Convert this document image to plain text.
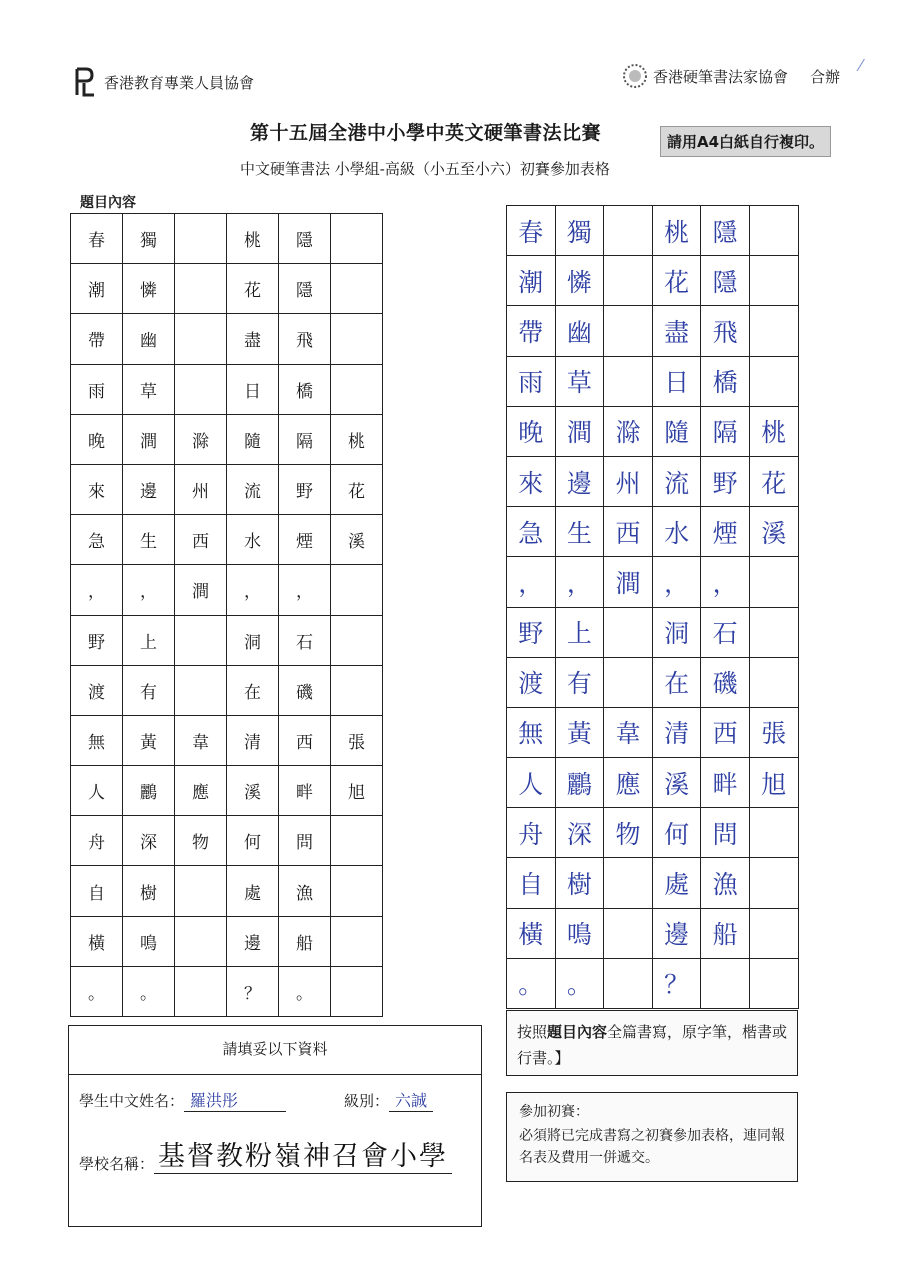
香港教育專業人員協會	香港硬筆書法家協會 合辦
⁄
第十五屆全港中小學中英文硬筆書法比賽	請用A4白紙自行複印。
中文硬筆書法 小學組-高級（小五至小六）初賽參加表格
題目內容
春	獨		桃	隱	
潮	憐		花	隱	
帶	幽		盡	飛	
雨	草		日	橋	
晚	澗	滁	隨	隔	桃
來	邊	州	流	野	花
急	生	西	水	煙	溪
，	，	澗	，	，	
野	上		洞	石	
渡	有		在	磯	
無	黃	韋	清	西	張
人	鸝	應	溪	畔	旭
舟	深	物	何	問	
自	樹		處	漁	
橫	鳴		邊	船	
。	。		？	。	
春	獨		桃	隱	
潮	憐		花	隱	
帶	幽		盡	飛	
雨	草		日	橋	
晚	澗	滁	隨	隔	桃
來	邊	州	流	野	花
急	生	西	水	煙	溪
，	，	澗	，	，	
野	上		洞	石	
渡	有		在	磯	
無	黃	韋	清	西	張
人	鸝	應	溪	畔	旭
舟	深	物	何	問	
自	樹		處	漁	
橫	鳴		邊	船	
。	。		？		
請填妥以下資料
學生中文姓名： 羅洪彤	級別： 六誠
學校名稱： 基督教粉嶺神召會小學
按照題目內容全篇書寫，原字筆，楷書或行書。】
參加初賽：
必須將已完成書寫之初賽參加表格，連同報名表及費用一併遞交。
